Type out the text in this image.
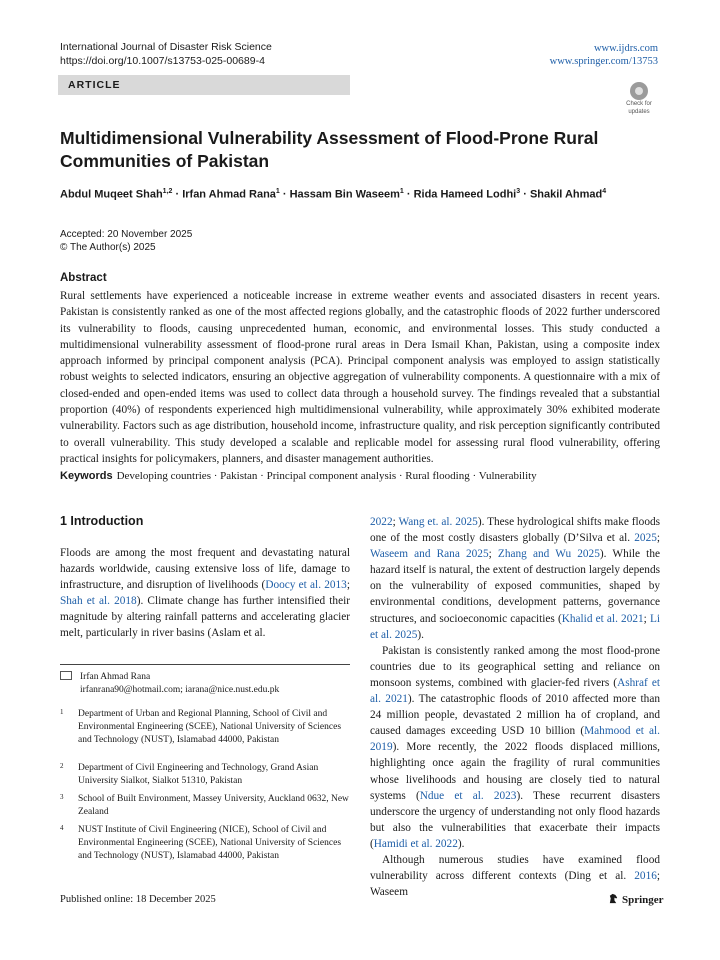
International Journal of Disaster Risk Science
https://doi.org/10.1007/s13753-025-00689-4
www.ijdrs.com
www.springer.com/13753
ARTICLE
Check for
updates
Multidimensional Vulnerability Assessment of Flood-Prone Rural
Communities of Pakistan
Abdul Muqeet Shah$^{1,2}$ · Irfan Ahmad Rana$^1$ · Hassam Bin Waseem$^1$ · Rida Hameed Lodhi$^3$ · Shakil Ahmad$^4$
Accepted: 20 November 2025
© The Author(s) 2025
Abstract
Rural settlements have experienced a noticeable increase in extreme weather events and associated disasters in recent years. Pakistan is consistently ranked as one of the most affected regions globally, and the catastrophic floods of 2022 further underscored its vulnerability to floods, causing unprecedented human, economic, and environmental losses. This study conducted a multidimensional vulnerability assessment of flood-prone rural areas in Dera Ismail Khan, Pakistan, using a composite index approach informed by principal component analysis (PCA). Principal component analysis was employed to assign statistically robust weights to selected indicators, ensuring an objective aggregation of vulnerability components. A questionnaire with a mix of closed-ended and open-ended items was used to collect data through a household survey. The findings revealed that a substantial proportion (40%) of respondents experienced high multidimensional vulnerability, while approximately 30% exhibited moderate vulnerability. Factors such as age distribution, household income, infrastructure quality, and risk perception significantly contributed to overall vulnerability. This study developed a scalable and replicable model for assessing rural flood vulnerability, offering practical insights for policymakers, planners, and disaster management authorities.
Keywords Developing countries · Pakistan · Principal component analysis · Rural flooding · Vulnerability
1 Introduction

Floods are among the most frequent and devastating natural hazards worldwide, causing extensive loss of life, damage to infrastructure, and disruption of livelihoods (Doocy et al. 2013; Shah et al. 2018). Climate change has further intensified their magnitude by altering rainfall patterns and accelerating glacier melt, particularly in river basins (Aslam et al.

2022; Wang et. al. 2025). These hydrological shifts make floods one of the most costly disasters globally (D’Silva et al. 2025; Waseem and Rana 2025; Zhang and Wu 2025). While the hazard itself is natural, the extent of destruction largely depends on the vulnerability of exposed communities, shaped by environmental conditions, development patterns, governance structures, and socioeconomic capacities (Khalid et al. 2021; Li et al. 2025).

Pakistan is consistently ranked among the most flood-prone countries due to its geographical setting and reliance on monsoon systems, combined with glacier-fed rivers (Ashraf et al. 2021). The catastrophic floods of 2010 affected more than 24 million people, devastated 2 million ha of cropland, and caused damages exceeding USD 10 billion (Mahmood et al. 2019). More recently, the 2022 floods displaced millions, highlighting once again the fragility of rural communities whose livelihoods and housing are closely tied to natural systems (Ndue et al. 2023). These recurrent disasters underscore the urgency of understanding not only flood hazards but also the vulnerabilities that exacerbate their impacts (Hamidi et al. 2022).

Although numerous studies have examined flood vulnerability across different contexts (Ding et al. 2016; Waseem

Irfan Ahmad Rana
irfanrana90@hotmail.com; iarana@nice.nust.edu.pk
1 Department of Urban and Regional Planning, School of Civil and Environmental Engineering (SCEE), National University of Sciences and Technology (NUST), Islamabad 44000, Pakistan
2 Department of Civil Engineering and Technology, Grand Asian University Sialkot, Sialkot 51310, Pakistan
3 School of Built Environment, Massey University, Auckland 0632, New Zealand
4 NUST Institute of Civil Engineering (NICE), School of Civil and Environmental Engineering (SCEE), National University of Sciences and Technology (NUST), Islamabad 44000, Pakistan
Published online: 18 December 2025	Springer
